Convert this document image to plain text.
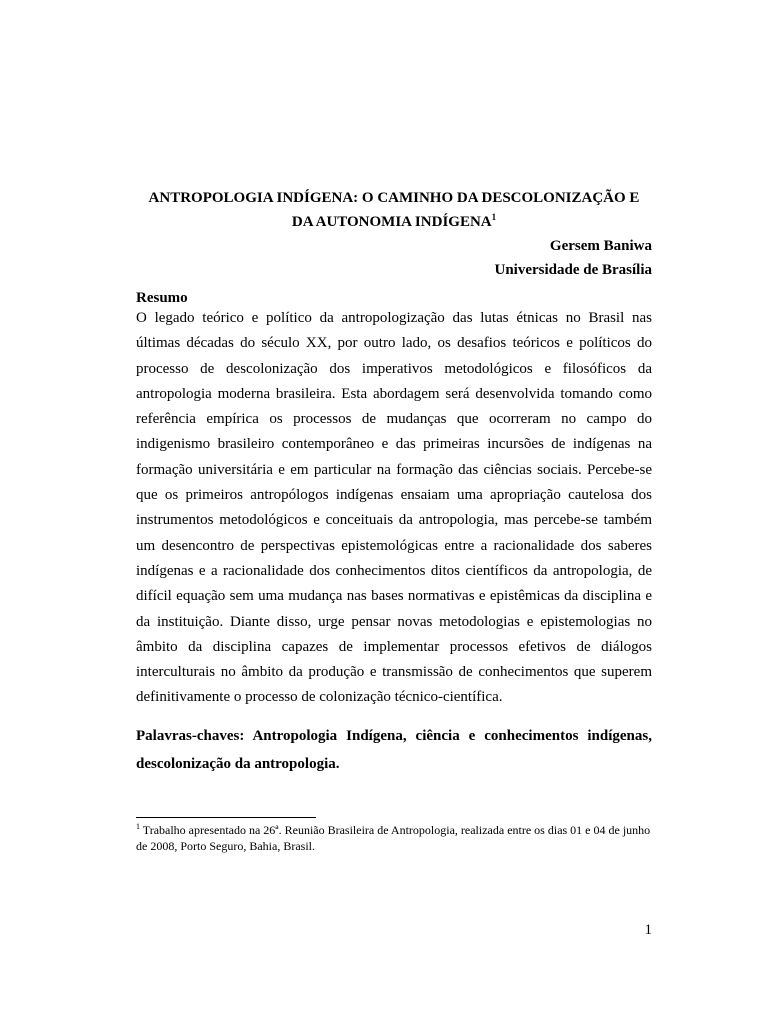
ANTROPOLOGIA INDÍGENA: O CAMINHO DA DESCOLONIZAÇÃO E
DA AUTONOMIA INDÍGENA$^1$
Gersem Baniwa
Universidade de Brasília
Resumo

O legado teórico e político da antropologização das lutas étnicas no Brasil nas últimas décadas do século XX, por outro lado, os desafios teóricos e políticos do processo de descolonização dos imperativos metodológicos e filosóficos da antropologia moderna brasileira. Esta abordagem será desenvolvida tomando como referência empírica os processos de mudanças que ocorreram no campo do indigenismo brasileiro contemporâneo e das primeiras incursões de indígenas na formação universitária e em particular na formação das ciências sociais. Percebe-se que os primeiros antropólogos indígenas ensaiam uma apropriação cautelosa dos instrumentos metodológicos e conceituais da antropologia, mas percebe-se também um desencontro de perspectivas epistemológicas entre a racionalidade dos saberes indígenas e a racionalidade dos conhecimentos ditos científicos da antropologia, de difícil equação sem uma mudança nas bases normativas e epistêmicas da disciplina e da instituição. Diante disso, urge pensar novas metodologias e epistemologias no âmbito da disciplina capazes de implementar processos efetivos de diálogos interculturais no âmbito da produção e transmissão de conhecimentos que superem definitivamente o processo de colonização técnico-científica.

Palavras-chaves: Antropologia Indígena, ciência e conhecimentos indígenas, descolonização da antropologia.

$^1$ Trabalho apresentado na 26ª. Reunião Brasileira de Antropologia, realizada entre os dias 01 e 04 de junho de 2008, Porto Seguro, Bahia, Brasil.

1
